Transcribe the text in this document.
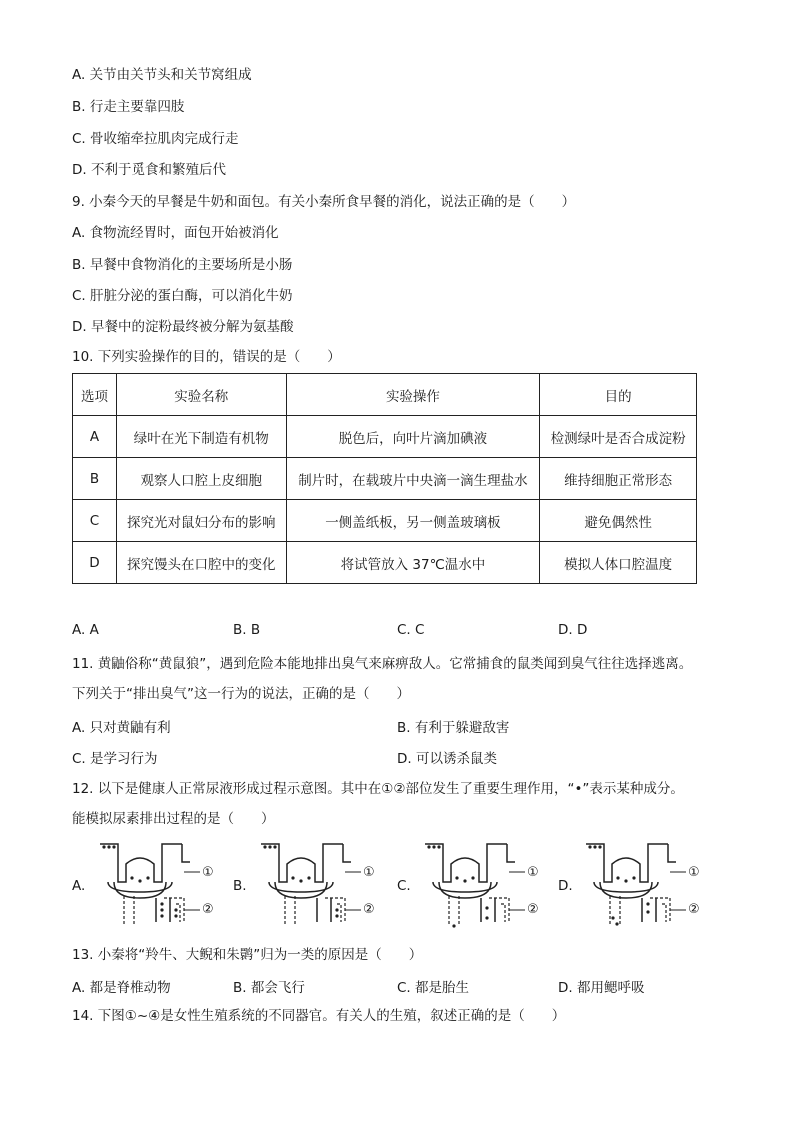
A. 关节由关节头和关节窝组成
B. 行走主要靠四肢
C. 骨收缩牵拉肌肉完成行走
D. 不利于觅食和繁殖后代
9. 小秦今天的早餐是牛奶和面包。有关小秦所食早餐的消化，说法正确的是（　　）
A. 食物流经胃时，面包开始被消化
B. 早餐中食物消化的主要场所是小肠
C. 肝脏分泌的蛋白酶，可以消化牛奶
D. 早餐中的淀粉最终被分解为氨基酸
10. 下列实验操作的目的，错误的是（　　）
选项	实验名称	实验操作	目的
A	绿叶在光下制造有机物	脱色后，向叶片滴加碘液	检测绿叶是否合成淀粉
B	观察人口腔上皮细胞	制片时，在载玻片中央滴一滴生理盐水	维持细胞正常形态
C	探究光对鼠妇分布的影响	一侧盖纸板，另一侧盖玻璃板	避免偶然性
D	探究馒头在口腔中的变化	将试管放入 37℃温水中	模拟人体口腔温度
A. A	B. B	C. C	D. D
11. 黄鼬俗称“黄鼠狼”，遇到危险本能地排出臭气来麻痹敌人。它常捕食的鼠类闻到臭气往往选择逃离。
下列关于“排出臭气”这一行为的说法，正确的是（　　）
A. 只对黄鼬有利	B. 有利于躲避敌害
C. 是学习行为	D. 可以诱杀鼠类
12. 以下是健康人正常尿液形成过程示意图。其中在①②部位发生了重要生理作用，“•”表示某种成分。
能模拟尿素排出过程的是（　　）
A.
①
②
B.
①
②
C.
①
②
D.
①
②
13. 小秦将“羚牛、大鲵和朱鹮”归为一类的原因是（　　）
A. 都是脊椎动物	B. 都会飞行	C. 都是胎生	D. 都用鳃呼吸
14. 下图①~④是女性生殖系统的不同器官。有关人的生殖，叙述正确的是（　　）
